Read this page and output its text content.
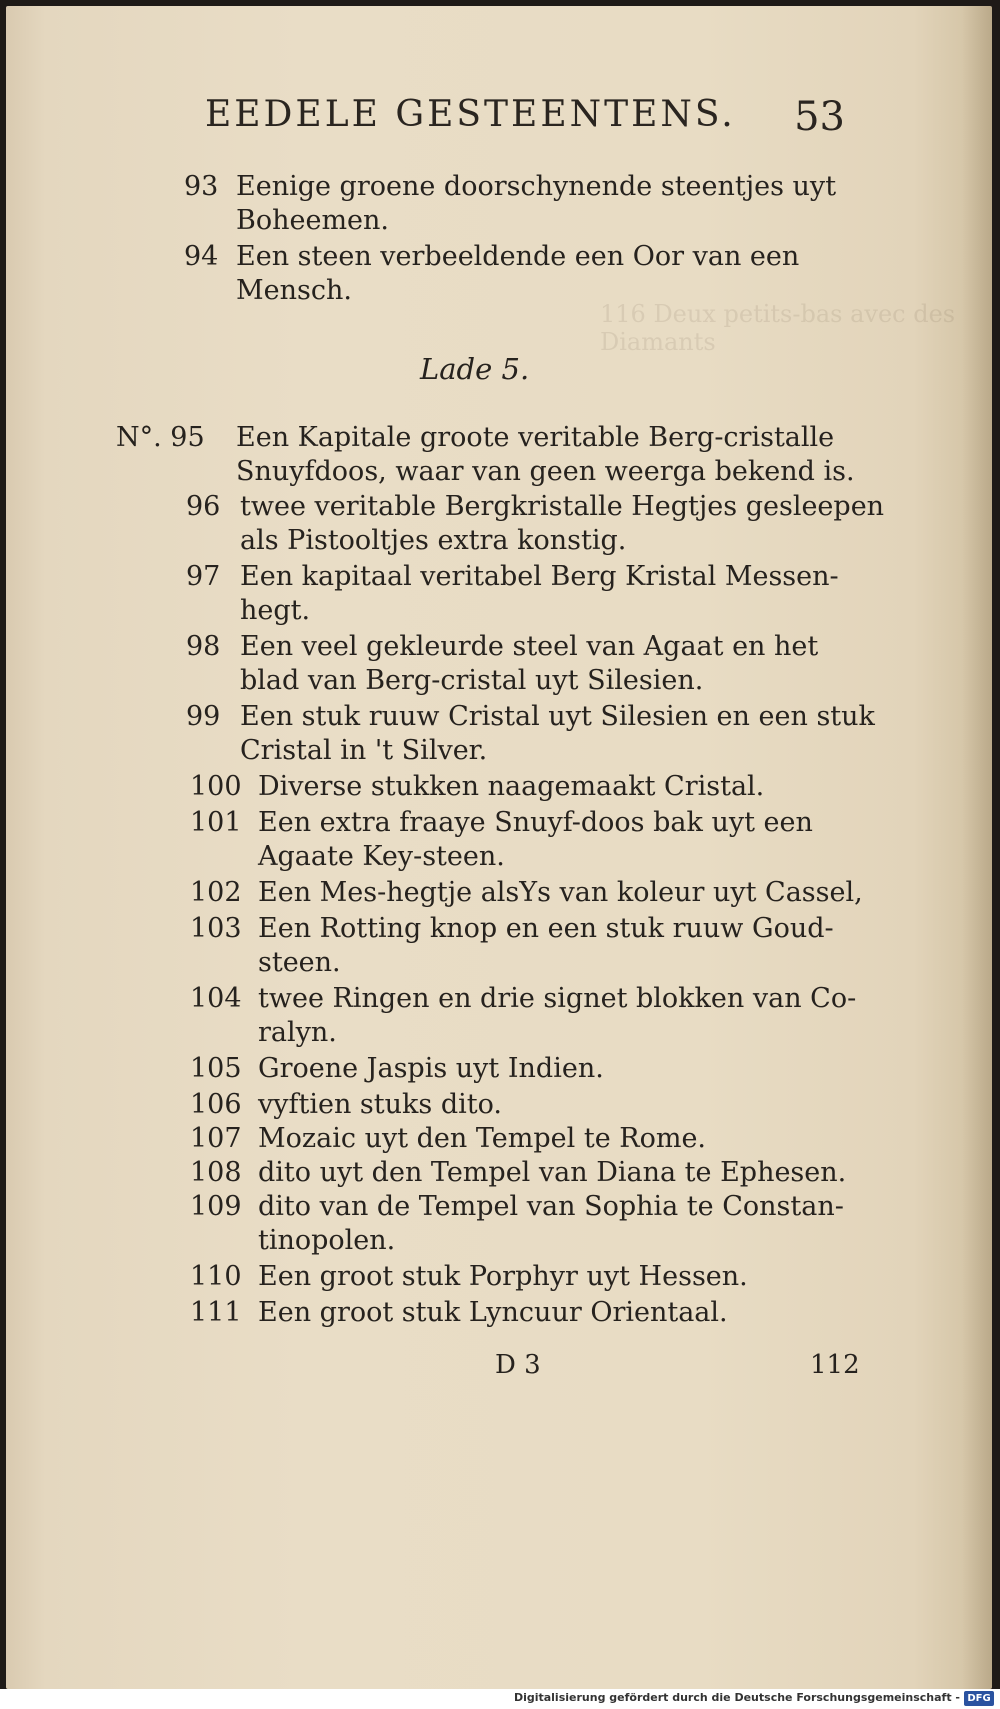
116 Deux petits-bas avec des Diamants
EEDELE GESTEENTENS. 53
Lade 5.
93 Eenige groene doorschynende steentjes uyt
Boheemen.
94 Een steen verbeeldende een Oor van een
Mensch.
N°. 95 Een Kapitale groote veritable Berg-cristalle
Snuyfdoos, waar van geen weerga bekend is.
96 twee veritable Bergkristalle Hegtjes gesleepen
als Pistooltjes extra konstig.
97 Een kapitaal veritabel Berg Kristal Messen-
hegt.
98 Een veel gekleurde steel van Agaat en het
blad van Berg-cristal uyt Silesien.
99 Een stuk ruuw Cristal uyt Silesien en een stuk
Cristal in 't Silver.
100 Diverse stukken naagemaakt Cristal.
101 Een extra fraaye Snuyf-doos bak uyt een
Agaate Key-steen.
102 Een Mes-hegtje alsYs van koleur uyt Cassel,
103 Een Rotting knop en een stuk ruuw Goud-
steen.
104 twee Ringen en drie signet blokken van Co-
ralyn.
105 Groene Jaspis uyt Indien.
106 vyftien stuks dito.
107 Mozaic uyt den Tempel te Rome.
108 dito uyt den Tempel van Diana te Ephesen.
109 dito van de Tempel van Sophia te Constan-
tinopolen.
110 Een groot stuk Porphyr uyt Hessen.
111 Een groot stuk Lyncuur Orientaal.
D 3	112
Digitalisierung gefördert durch die Deutsche Forschungsgemeinschaft - DFG
